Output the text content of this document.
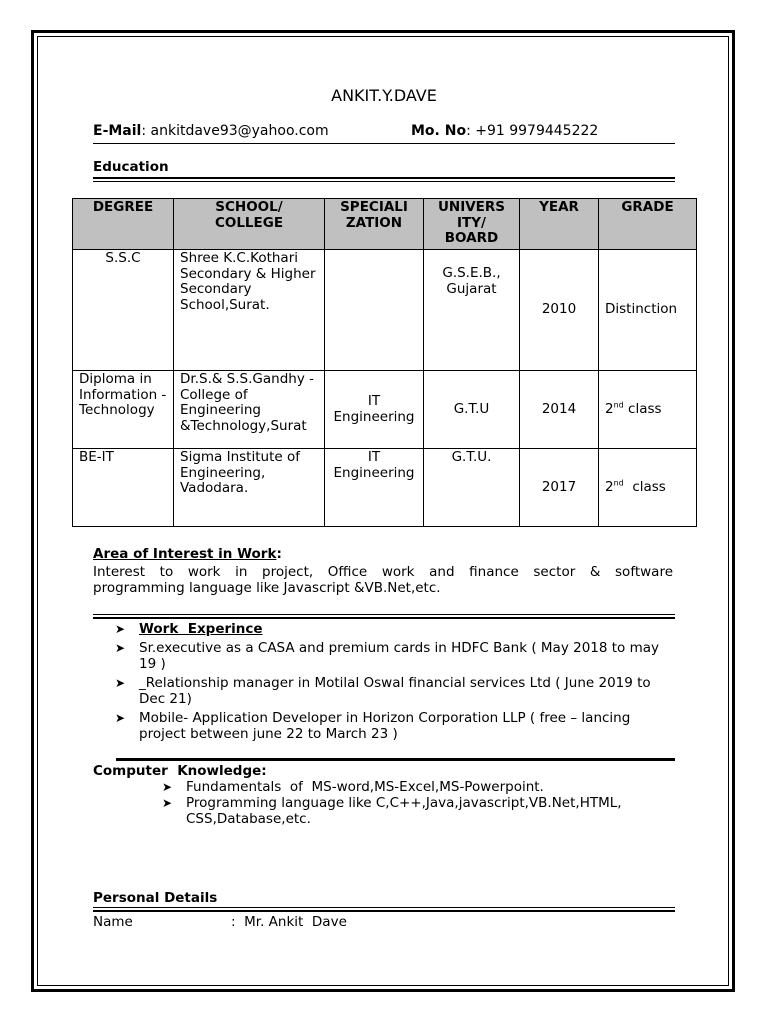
ANKIT.Y.DAVE
E-Mail: ankitdave93@yahoo.com	Mo. No: +91 9979445222
Education
DEGREE	SCHOOL/ COLLEGE	SPECIALI ZATION	UNIVERS ITY/ BOARD	YEAR	GRADE
S.S.C	Shree K.C.Kothari Secondary & Higher Secondary School,Surat.		G.S.E.B., Gujarat	2010	Distinction
Diploma in Information - Technology	Dr.S.& S.S.Gandhy -College of Engineering &Technology,Surat	IT Engineering	G.T.U	2014	2nd class
BE-IT	Sigma Institute of Engineering, Vadodara.	IT Engineering	G.T.U.	2017	2nd  class
Area of Interest in Work:
Interest to work in project, Office work and finance sector & software
programming language like Javascript &VB.Net,etc.
➤ Work  Experince
➤ Sr.executive as a CASA and premium cards in HDFC Bank ( May 2018 to may 19 )
➤ _Relationship manager in Motilal Oswal financial services Ltd ( June 2019 to Dec 21)
➤ Mobile- Application Developer in Horizon Corporation LLP ( free – lancing project between june 22 to March 23 )
Computer  Knowledge:
➤ Fundamentals  of  MS-word,MS-Excel,MS-Powerpoint.
➤ Programming language like C,C++,Java,javascript,VB.Net,HTML, CSS,Database,etc.
Personal Details
Name	:  Mr. Ankit  Dave
